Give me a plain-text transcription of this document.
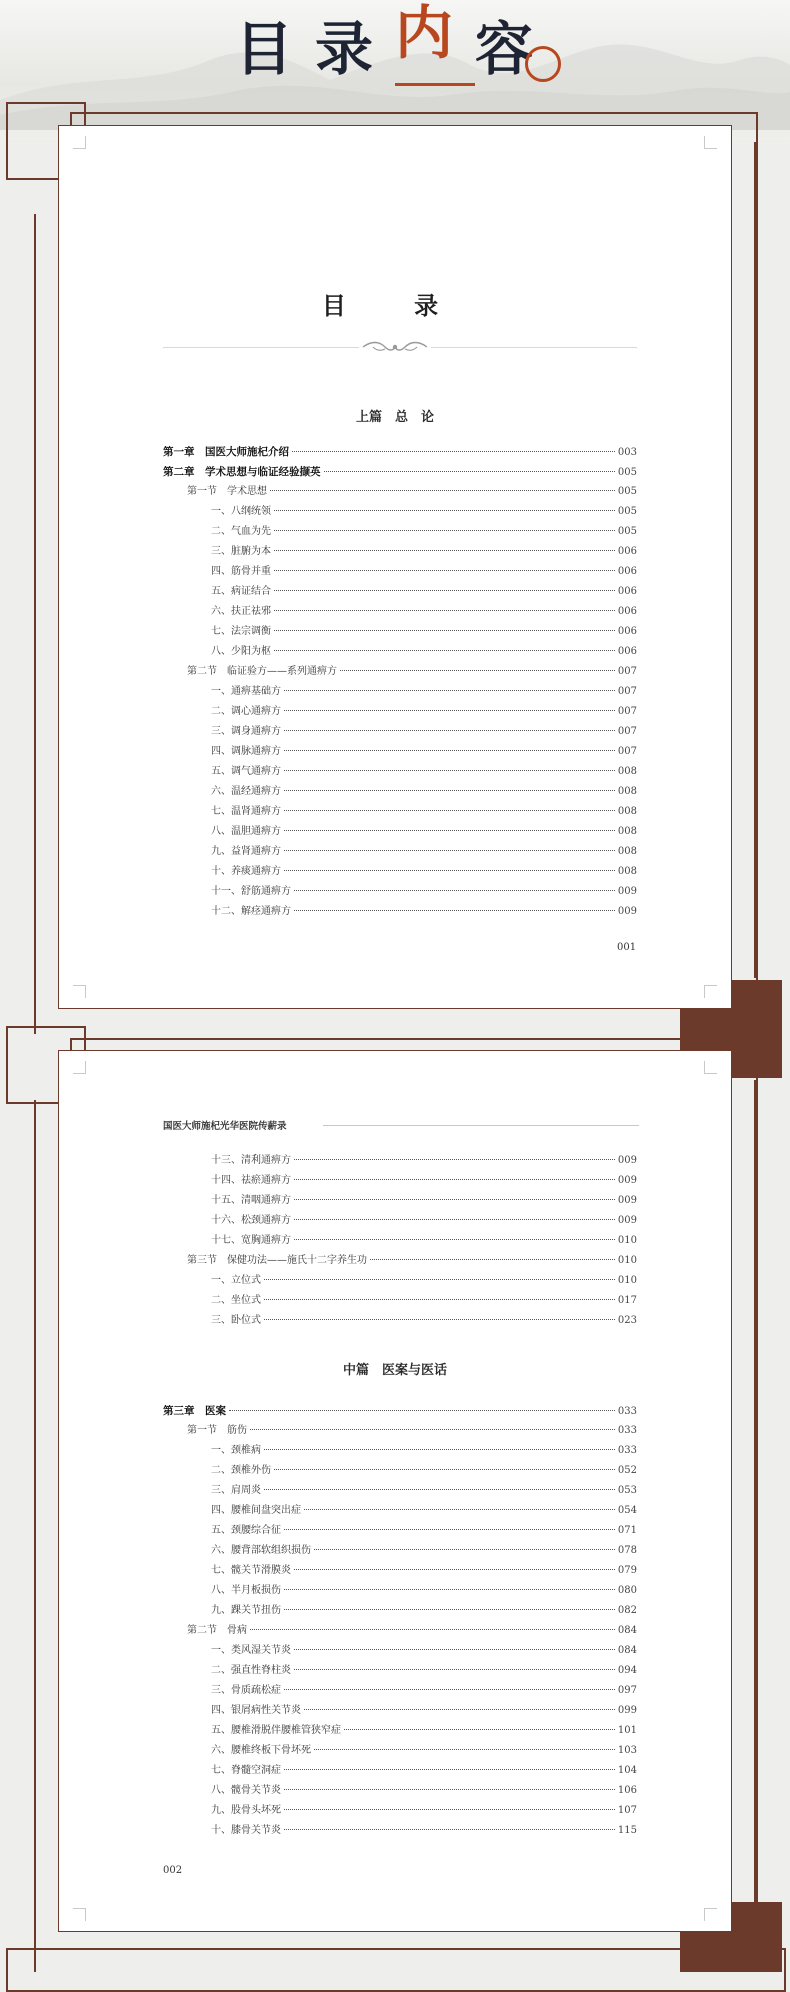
目 录 内 容
目 录
上篇　总　论
第一章　国医大师施杞介绍	003
第二章　学术思想与临证经验撷英	005
第一节　学术思想	005
一、八纲统领	005
二、气血为先	005
三、脏腑为本	006
四、筋骨并重	006
五、病证结合	006
六、扶正祛邪	006
七、法宗调衡	006
八、少阳为枢	006
第二节　临证验方——系列通痹方	007
一、通痹基础方	007
二、调心通痹方	007
三、调身通痹方	007
四、调脉通痹方	007
五、调气通痹方	008
六、温经通痹方	008
七、温肾通痹方	008
八、温胆通痹方	008
九、益肾通痹方	008
十、养痰通痹方	008
十一、舒筋通痹方	009
十二、解痉通痹方	009
001
国医大师施杞光华医院传薪录
十三、清利通痹方	009
十四、祛瘀通痹方	009
十五、清咽通痹方	009
十六、松颈通痹方	009
十七、宽胸通痹方	010
第三节　保健功法——施氏十二字养生功	010
一、立位式	010
二、坐位式	017
三、卧位式	023
中篇　医案与医话
第三章　医案	033
第一节　筋伤	033
一、颈椎病	033
二、颈椎外伤	052
三、肩周炎	053
四、腰椎间盘突出症	054
五、颈腰综合征	071
六、腰背部软组织损伤	078
七、髋关节滑膜炎	079
八、半月板损伤	080
九、踝关节扭伤	082
第二节　骨病	084
一、类风湿关节炎	084
二、强直性脊柱炎	094
三、骨质疏松症	097
四、银屑病性关节炎	099
五、腰椎滑脱伴腰椎管狭窄症	101
六、腰椎终板下骨坏死	103
七、脊髓空洞症	104
八、髋骨关节炎	106
九、股骨头坏死	107
十、膝骨关节炎	115
002
